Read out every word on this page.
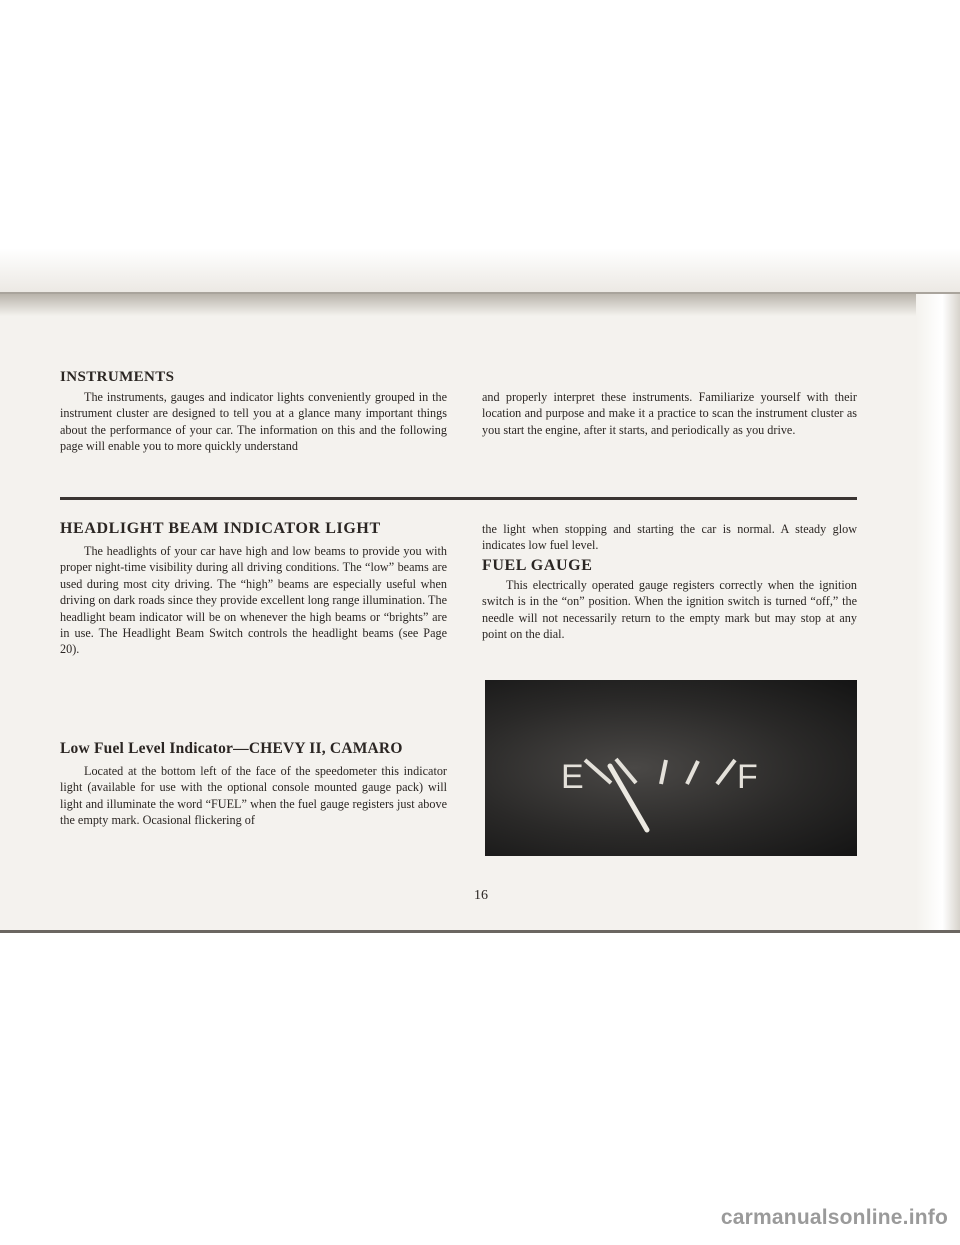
INSTRUMENTS

The instruments, gauges and indicator lights conveniently grouped in the instrument cluster are designed to tell you at a glance many important things about the performance of your car. The information on this and the following page will enable you to more quickly understand

and properly interpret these instruments. Familiarize yourself with their location and purpose and make it a practice to scan the instrument cluster as you start the engine, after it starts, and periodically as you drive.

HEADLIGHT BEAM INDICATOR LIGHT

The headlights of your car have high and low beams to provide you with proper night-time visibility during all driving conditions. The “low” beams are used during most city driving. The “high” beams are especially useful when driving on dark roads since they provide excellent long range illumination. The headlight beam indicator will be on whenever the high beams or “brights” are in use. The Headlight Beam Switch controls the headlight beams (see Page 20).

Low Fuel Level Indicator—CHEVY II, CAMARO

Located at the bottom left of the face of the speedometer this indicator light (available for use with the optional console mounted gauge pack) will light and illuminate the word “FUEL” when the fuel gauge registers just above the empty mark. Ocasional flickering of

the light when stopping and starting the car is normal. A steady glow indicates low fuel level.

FUEL GAUGE

This electrically operated gauge registers correctly when the ignition switch is in the “on” position. When the ignition switch is turned “off,” the needle will not necessarily return to the empty mark but may stop at any point on the dial.

E	F
16
carmanualsonline.info
